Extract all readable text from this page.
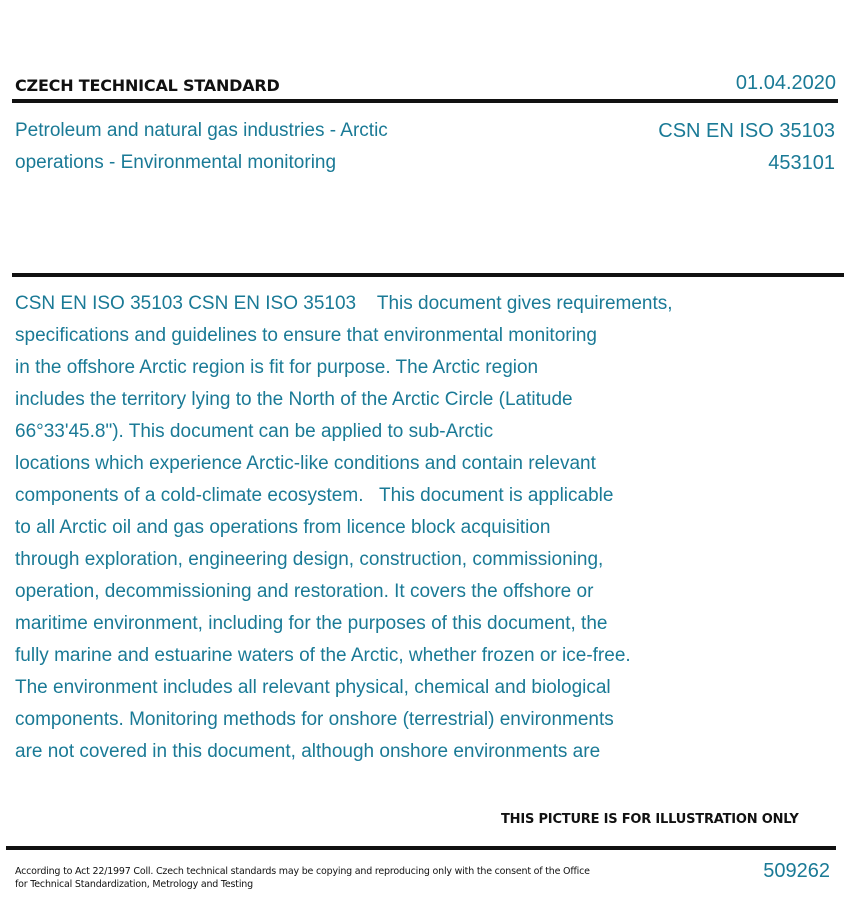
CZECH TECHNICAL STANDARD	01.04.2020
Petroleum and natural gas industries - Arctic
operations - Environmental monitoring
CSN EN ISO 35103
453101
CSN EN ISO 35103 CSN EN ISO 35103    This document gives requirements,
specifications and guidelines to ensure that environmental monitoring
in the offshore Arctic region is fit for purpose. The Arctic region
includes the territory lying to the North of the Arctic Circle (Latitude
66°33'45.8"). This document can be applied to sub-Arctic
locations which experience Arctic-like conditions and contain relevant
components of a cold-climate ecosystem.   This document is applicable
to all Arctic oil and gas operations from licence block acquisition
through exploration, engineering design, construction, commissioning,
operation, decommissioning and restoration. It covers the offshore or
maritime environment, including for the purposes of this document, the
fully marine and estuarine waters of the Arctic, whether frozen or ice-free.
The environment includes all relevant physical, chemical and biological
components. Monitoring methods for onshore (terrestrial) environments
are not covered in this document, although onshore environments are
THIS PICTURE IS FOR ILLUSTRATION ONLY
According to Act 22/1997 Coll. Czech technical standards may be copying and reproducing only with the consent of the Office
for Technical Standardization, Metrology and Testing
509262
